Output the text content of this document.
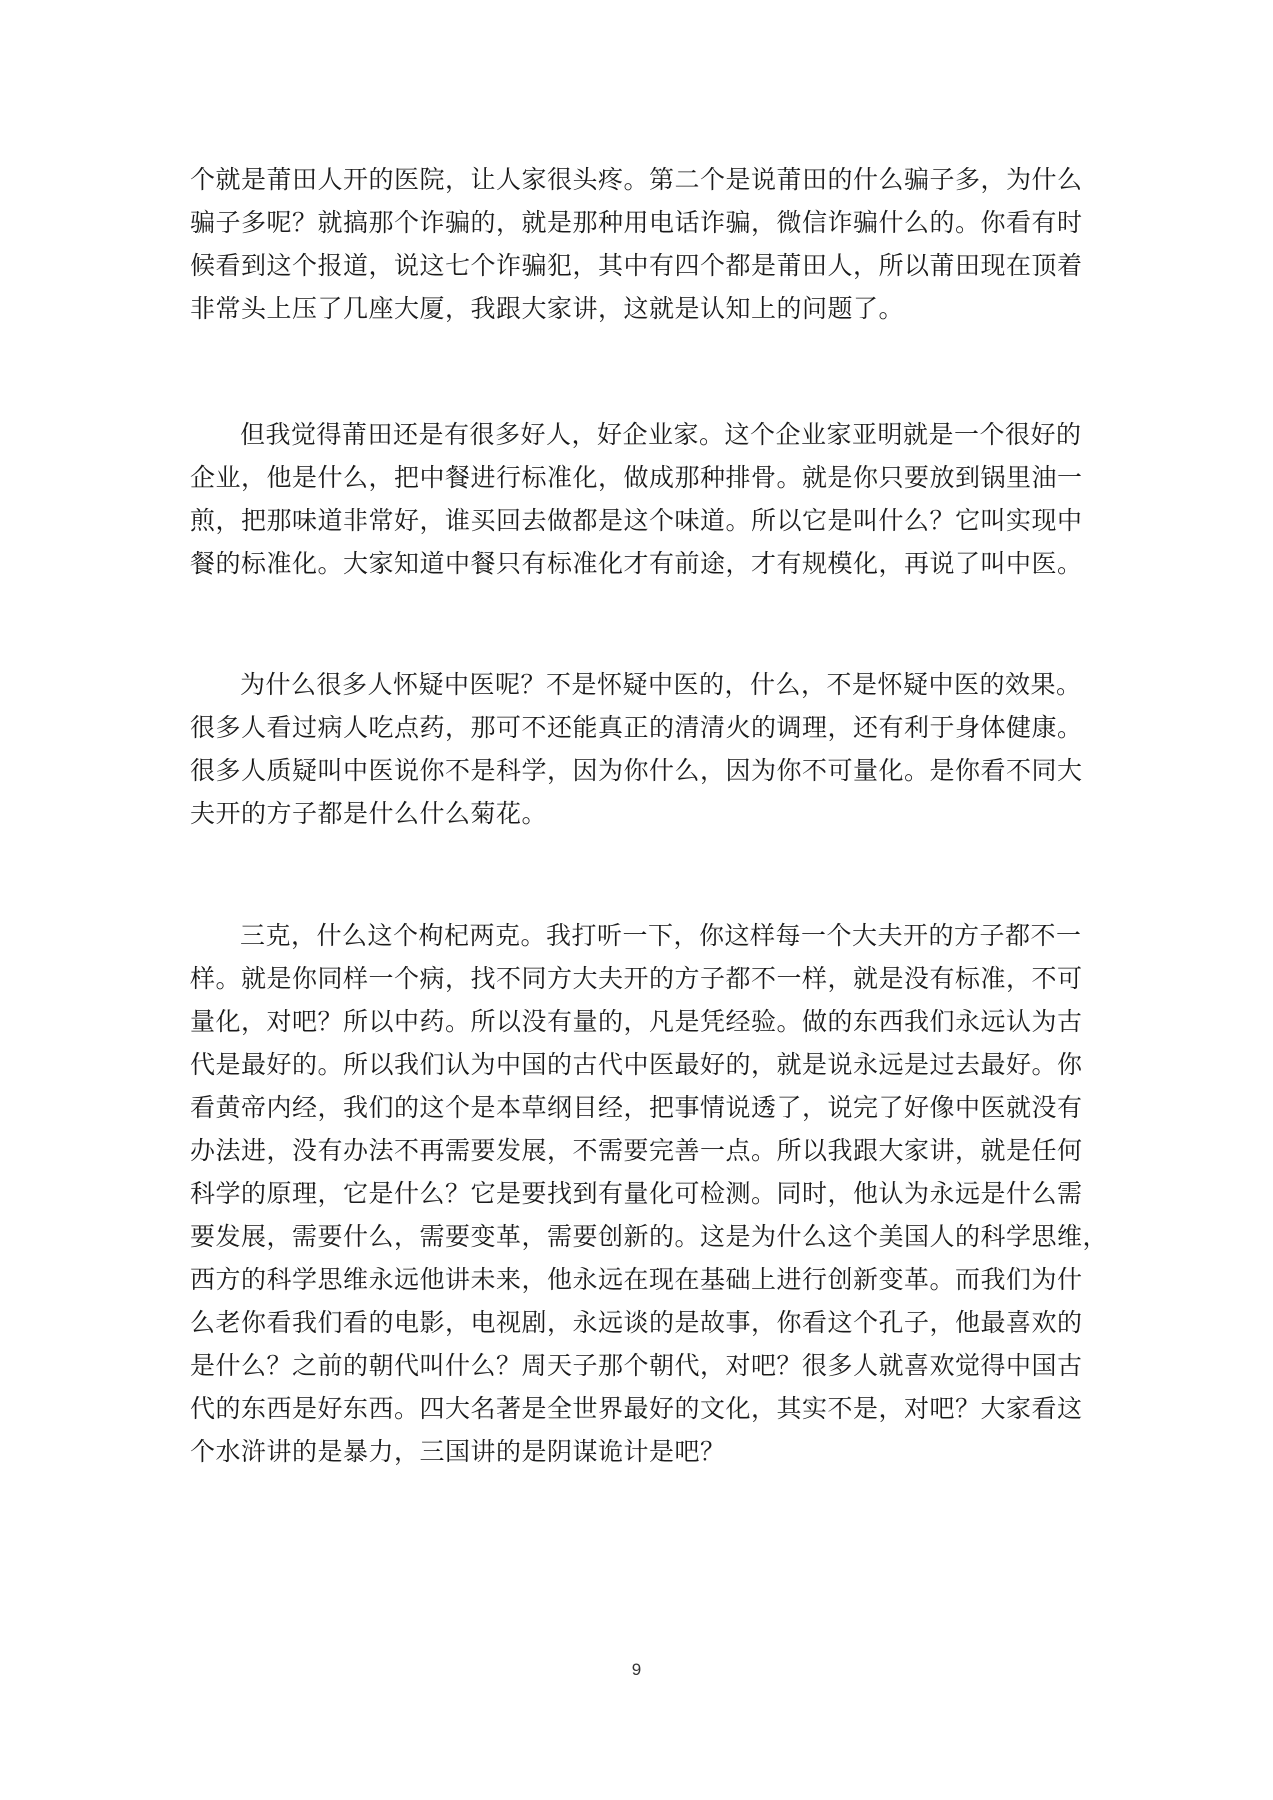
个就是莆田人开的医院，让人家很头疼。第二个是说莆田的什么骗子多，为什么
骗子多呢？就搞那个诈骗的，就是那种用电话诈骗，微信诈骗什么的。你看有时
候看到这个报道，说这七个诈骗犯，其中有四个都是莆田人，所以莆田现在顶着
非常头上压了几座大厦，我跟大家讲，这就是认知上的问题了。
但我觉得莆田还是有很多好人，好企业家。这个企业家亚明就是一个很好的
企业，他是什么，把中餐进行标准化，做成那种排骨。就是你只要放到锅里油一
煎，把那味道非常好，谁买回去做都是这个味道。所以它是叫什么？它叫实现中
餐的标准化。大家知道中餐只有标准化才有前途，才有规模化，再说了叫中医。
为什么很多人怀疑中医呢？不是怀疑中医的，什么，不是怀疑中医的效果。
很多人看过病人吃点药，那可不还能真正的清清火的调理，还有利于身体健康。
很多人质疑叫中医说你不是科学，因为你什么，因为你不可量化。是你看不同大
夫开的方子都是什么什么菊花。
三克，什么这个枸杞两克。我打听一下，你这样每一个大夫开的方子都不一
样。就是你同样一个病，找不同方大夫开的方子都不一样，就是没有标准，不可
量化，对吧？所以中药。所以没有量的，凡是凭经验。做的东西我们永远认为古
代是最好的。所以我们认为中国的古代中医最好的，就是说永远是过去最好。你
看黄帝内经，我们的这个是本草纲目经，把事情说透了，说完了好像中医就没有
办法进，没有办法不再需要发展，不需要完善一点。所以我跟大家讲，就是任何
科学的原理，它是什么？它是要找到有量化可检测。同时，他认为永远是什么需
要发展，需要什么，需要变革，需要创新的。这是为什么这个美国人的科学思维，
西方的科学思维永远他讲未来，他永远在现在基础上进行创新变革。而我们为什
么老你看我们看的电影，电视剧，永远谈的是故事，你看这个孔子，他最喜欢的
是什么？之前的朝代叫什么？周天子那个朝代，对吧？很多人就喜欢觉得中国古
代的东西是好东西。四大名著是全世界最好的文化，其实不是，对吧？大家看这
个水浒讲的是暴力，三国讲的是阴谋诡计是吧？
9
